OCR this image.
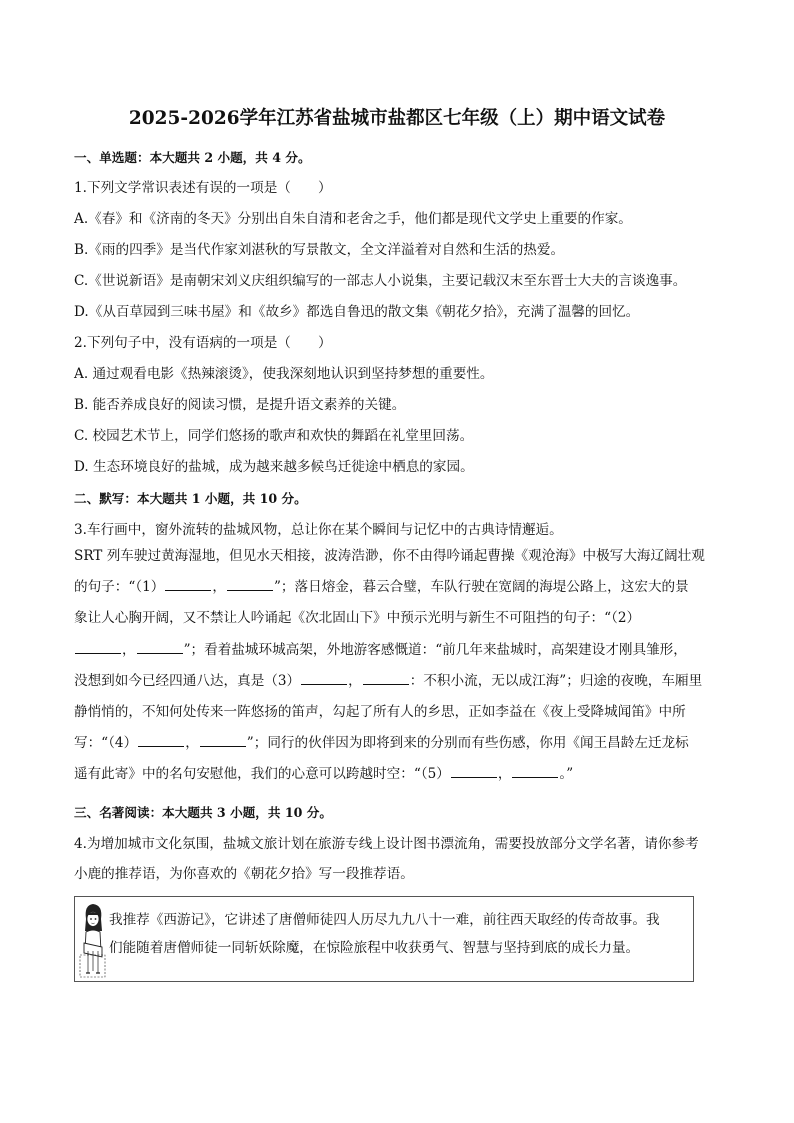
2025-2026学年江苏省盐城市盐都区七年级（上）期中语文试卷
一、单选题：本大题共 2 小题，共 4 分。
1.下列文学常识表述有误的一项是（　　）
A.《春》和《济南的冬天》分别出自朱自清和老舍之手，他们都是现代文学史上重要的作家。
B.《雨的四季》是当代作家刘湛秋的写景散文，全文洋溢着对自然和生活的热爱。
C.《世说新语》是南朝宋刘义庆组织编写的一部志人小说集，主要记载汉末至东晋士大夫的言谈逸事。
D.《从百草园到三味书屋》和《故乡》都选自鲁迅的散文集《朝花夕拾》，充满了温馨的回忆。
2.下列句子中，没有语病的一项是（　　）
A. 通过观看电影《热辣滚烫》，使我深刻地认识到坚持梦想的重要性。
B. 能否养成良好的阅读习惯，是提升语文素养的关键。
C. 校园艺术节上，同学们悠扬的歌声和欢快的舞蹈在礼堂里回荡。
D. 生态环境良好的盐城，成为越来越多候鸟迁徙途中栖息的家园。
二、默写：本大题共 1 小题，共 10 分。
3.车行画中，窗外流转的盐城风物，总让你在某个瞬间与记忆中的古典诗情邂逅。
SRT 列车驶过黄海湿地，但见水天相接，波涛浩渺，你不由得吟诵起曹操《观沧海》中极写大海辽阔壮观
的句子：“（1）	，	”；落日熔金，暮云合璧，车队行驶在宽阔的海堤公路上，这宏大的景
象让人心胸开阔，又不禁让人吟诵起《次北固山下》中预示光明与新生不可阻挡的句子：“（2）
，	”；看着盐城环城高架，外地游客感慨道：“前几年来盐城时，高架建设才刚具雏形，
没想到如今已经四通八达，真是（3）	，	：不积小流，无以成江海”；归途的夜晚，车厢里
静悄悄的，不知何处传来一阵悠扬的笛声，勾起了所有人的乡思，正如李益在《夜上受降城闻笛》中所
写：“（4）	，	”；同行的伙伴因为即将到来的分别而有些伤感，你用《闻王昌龄左迁龙标
遥有此寄》中的名句安慰他，我们的心意可以跨越时空：“（5）	，	。”
三、名著阅读：本大题共 3 小题，共 10 分。
4.为增加城市文化氛围，盐城文旅计划在旅游专线上设计图书漂流角，需要投放部分文学名著，请你参考
小鹿的推荐语，为你喜欢的《朝花夕拾》写一段推荐语。
我推荐《西游记》，它讲述了唐僧师徒四人历尽九九八十一难，前往西天取经的传奇故事。我
们能随着唐僧师徒一同斩妖除魔，在惊险旅程中收获勇气、智慧与坚持到底的成长力量。
